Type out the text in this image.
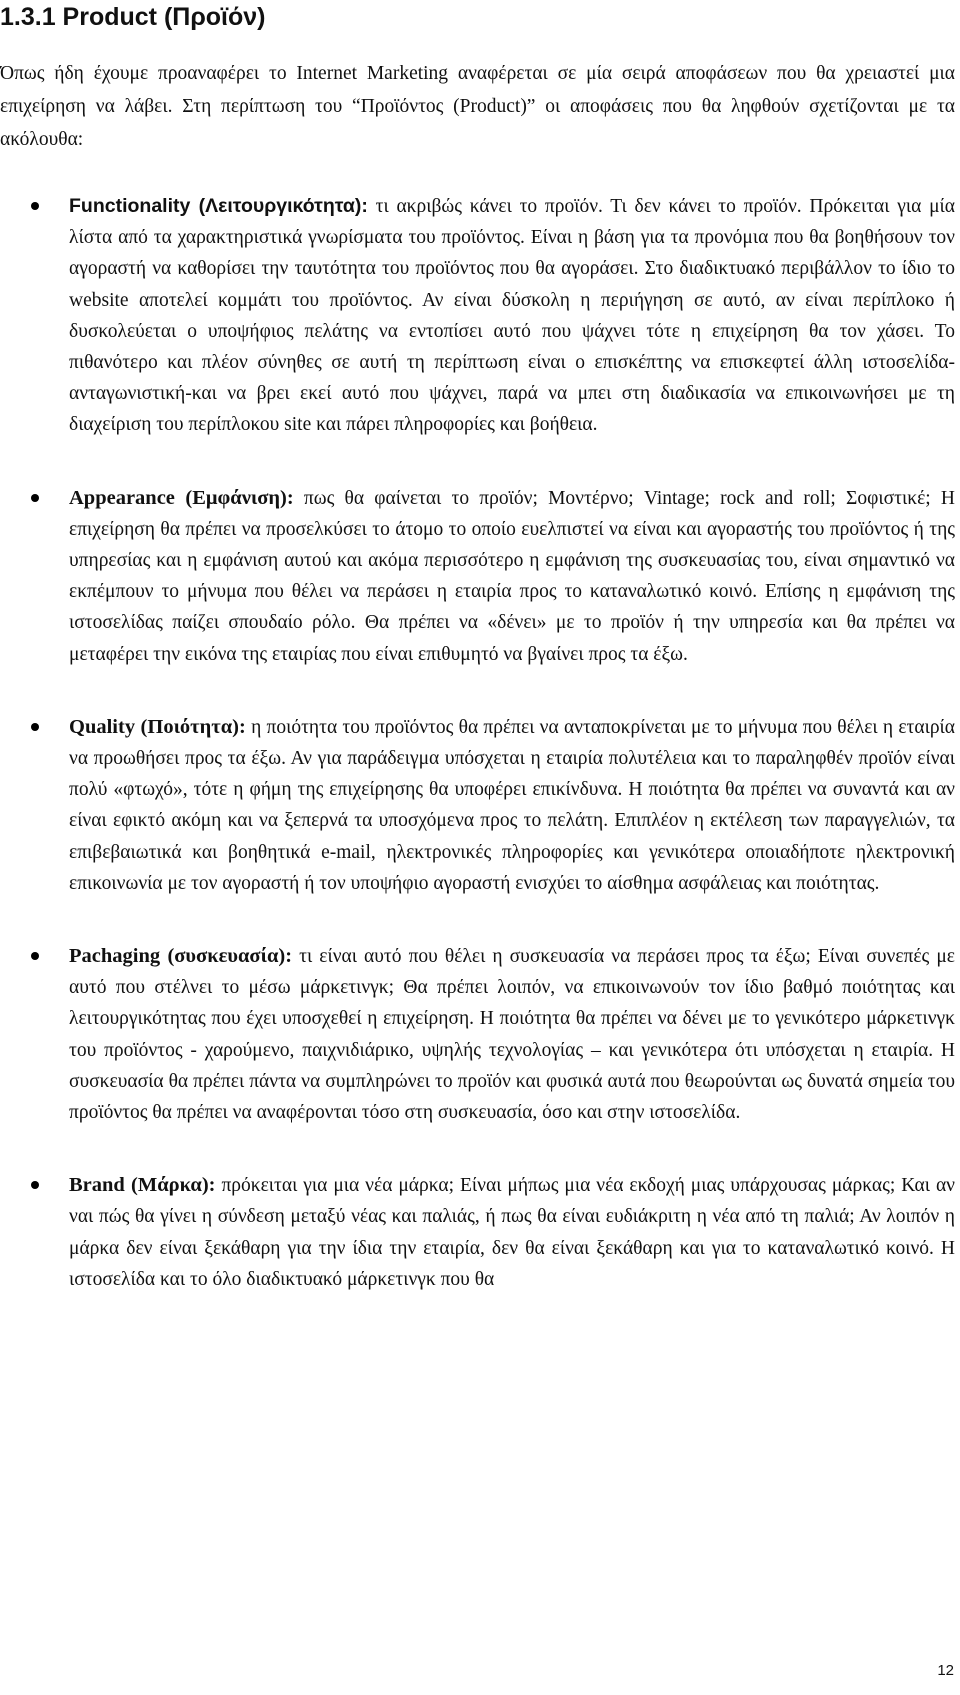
1.3.1 Product (Προϊόν)

Όπως ήδη έχουμε προαναφέρει το Internet Marketing αναφέρεται σε μία σειρά αποφάσεων που θα χρειαστεί μια επιχείρηση να λάβει. Στη περίπτωση του “Προϊόντος (Product)” οι αποφάσεις που θα ληφθούν σχετίζονται με τα ακόλουθα:

Functionality (Λειτουργικότητα): τι ακριβώς κάνει το προϊόν. Τι δεν κάνει το προϊόν. Πρόκειται για μία λίστα από τα χαρακτηριστικά γνωρίσματα του προϊόντος. Είναι η βάση για τα προνόμια που θα βοηθήσουν τον αγοραστή να καθορίσει την ταυτότητα του προϊόντος που θα αγοράσει. Στο διαδικτυακό περιβάλλον το ίδιο το website αποτελεί κομμάτι του προϊόντος. Αν είναι δύσκολη η περιήγηση σε αυτό, αν είναι περίπλοκο ή δυσκολεύεται ο υποψήφιος πελάτης να εντοπίσει αυτό που ψάχνει τότε η επιχείρηση θα τον χάσει. Το πιθανότερο και πλέον σύνηθες σε αυτή τη περίπτωση είναι ο επισκέπτης να επισκεφτεί άλλη ιστοσελίδα-ανταγωνιστική-και να βρει εκεί αυτό που ψάχνει, παρά να μπει στη διαδικασία να επικοινωνήσει με τη διαχείριση του περίπλοκου site και πάρει πληροφορίες και βοήθεια.
Appearance (Εμφάνιση): πως θα φαίνεται το προϊόν; Μοντέρνο; Vintage; rock and roll; Σοφιστικέ; Η επιχείρηση θα πρέπει να προσελκύσει το άτομο το οποίο ευελπιστεί να είναι και αγοραστής του προϊόντος ή της υπηρεσίας και η εμφάνιση αυτού και ακόμα περισσότερο η εμφάνιση της συσκευασίας του, είναι σημαντικό να εκπέμπουν το μήνυμα που θέλει να περάσει η εταιρία προς το καταναλωτικό κοινό. Επίσης η εμφάνιση της ιστοσελίδας παίζει σπουδαίο ρόλο. Θα πρέπει να «δένει» με το προϊόν ή την υπηρεσία και θα πρέπει να μεταφέρει την εικόνα της εταιρίας που είναι επιθυμητό να βγαίνει προς τα έξω.
Quality (Ποιότητα): η ποιότητα του προϊόντος θα πρέπει να ανταποκρίνεται με το μήνυμα που θέλει η εταιρία να προωθήσει προς τα έξω. Αν για παράδειγμα υπόσχεται η εταιρία πολυτέλεια και το παραληφθέν προϊόν είναι πολύ «φτωχό», τότε η φήμη της επιχείρησης θα υποφέρει επικίνδυνα. Η ποιότητα θα πρέπει να συναντά και αν είναι εφικτό ακόμη και να ξεπερνά τα υποσχόμενα προς το πελάτη. Επιπλέον η εκτέλεση των παραγγελιών, τα επιβεβαιωτικά και βοηθητικά e-mail, ηλεκτρονικές πληροφορίες και γενικότερα οποιαδήποτε ηλεκτρονική επικοινωνία με τον αγοραστή ή τον υποψήφιο αγοραστή ενισχύει το αίσθημα ασφάλειας και ποιότητας.
Pachaging (συσκευασία): τι είναι αυτό που θέλει η συσκευασία να περάσει προς τα έξω; Είναι συνεπές με αυτό που στέλνει το μέσω μάρκετινγκ; Θα πρέπει λοιπόν, να επικοινωνούν τον ίδιο βαθμό ποιότητας και λειτουργικότητας που έχει υποσχεθεί η επιχείρηση. Η ποιότητα θα πρέπει να δένει με το γενικότερο μάρκετινγκ του προϊόντος - χαρούμενο, παιχνιδιάρικο, υψηλής τεχνολογίας – και γενικότερα ότι υπόσχεται η εταιρία. Η συσκευασία θα πρέπει πάντα να συμπληρώνει το προϊόν και φυσικά αυτά που θεωρούνται ως δυνατά σημεία του προϊόντος θα πρέπει να αναφέρονται τόσο στη συσκευασία, όσο και στην ιστοσελίδα.
Brand (Μάρκα): πρόκειται για μια νέα μάρκα; Είναι μήπως μια νέα εκδοχή μιας υπάρχουσας μάρκας; Και αν ναι πώς θα γίνει η σύνδεση μεταξύ νέας και παλιάς, ή πως θα είναι ευδιάκριτη η νέα από τη παλιά; Αν λοιπόν η μάρκα δεν είναι ξεκάθαρη για την ίδια την εταιρία, δεν θα είναι ξεκάθαρη και για το καταναλωτικό κοινό. Η ιστοσελίδα και το όλο διαδικτυακό μάρκετινγκ που θα
12
